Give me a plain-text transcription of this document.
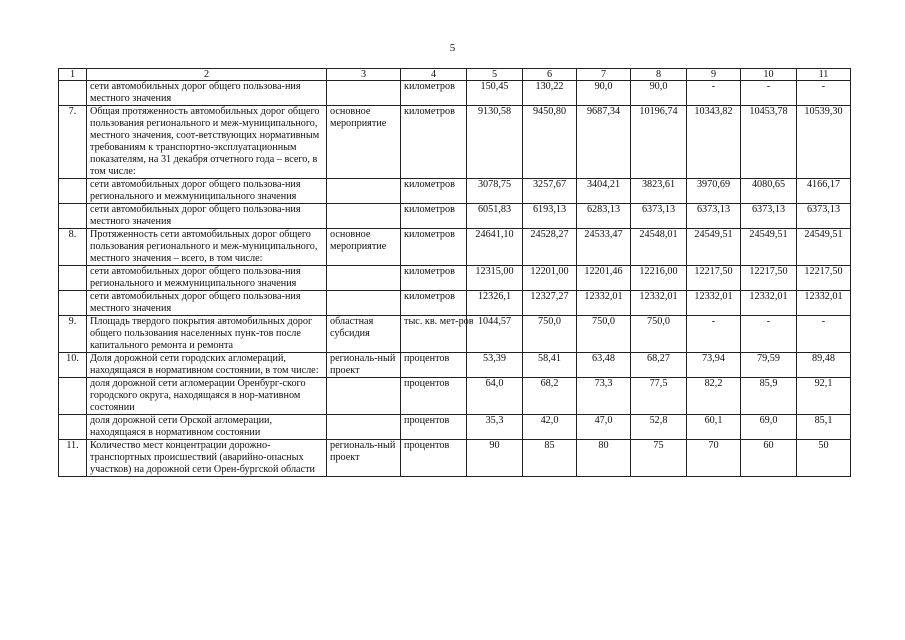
5
1	2	3	4	5	6	7	8	9	10	11
	сети автомобильных дорог общего пользова-ния местного значения		километров	150,45	130,22	90,0	90,0	-	-	-
7.	Общая протяженность автомобильных дорог общего пользования регионального и меж-муниципального, местного значения, соот-ветствующих нормативным требованиям к транспортно-эксплуатационным показателям, на 31 декабря отчетного года – всего, в том числе:	основное мероприятие	километров	9130,58	9450,80	9687,34	10196,74	10343,82	10453,78	10539,30
	сети автомобильных дорог общего пользова-ния регионального и межмуниципального значения		километров	3078,75	3257,67	3404,21	3823,61	3970,69	4080,65	4166,17
	сети автомобильных дорог общего пользова-ния местного значения		километров	6051,83	6193,13	6283,13	6373,13	6373,13	6373,13	6373,13
8.	Протяженность сети автомобильных дорог общего пользования регионального и меж-муниципального, местного значения – всего, в том числе:	основное мероприятие	километров	24641,10	24528,27	24533,47	24548,01	24549,51	24549,51	24549,51
	сети автомобильных дорог общего пользова-ния регионального и межмуниципального значения		километров	12315,00	12201,00	12201,46	12216,00	12217,50	12217,50	12217,50
	сети автомобильных дорог общего пользова-ния местного значения		километров	12326,1	12327,27	12332,01	12332,01	12332,01	12332,01	12332,01
9.	Площадь твердого покрытия автомобильных дорог общего пользования населенных пунк-тов после капитального ремонта и ремонта	областная субсидия	тыс. кв. мет-ров	1044,57	750,0	750,0	750,0	-	-	-
10.	Доля дорожной сети городских агломераций, находящаяся в нормативном состоянии, в том числе:	региональ-ный проект	процентов	53,39	58,41	63,48	68,27	73,94	79,59	89,48
	доля дорожной сети агломерации Оренбург-ского городского округа, находящаяся в нор-мативном состоянии		процентов	64,0	68,2	73,3	77,5	82,2	85,9	92,1
	доля дорожной сети Орской агломерации, находящаяся в нормативном состоянии		процентов	35,3	42,0	47,0	52,8	60,1	69,0	85,1
11.	Количество мест концентрации дорожно-транспортных происшествий (аварийно-опасных участков) на дорожной сети Орен-бургской области	региональ-ный проект	процентов	90	85	80	75	70	60	50
